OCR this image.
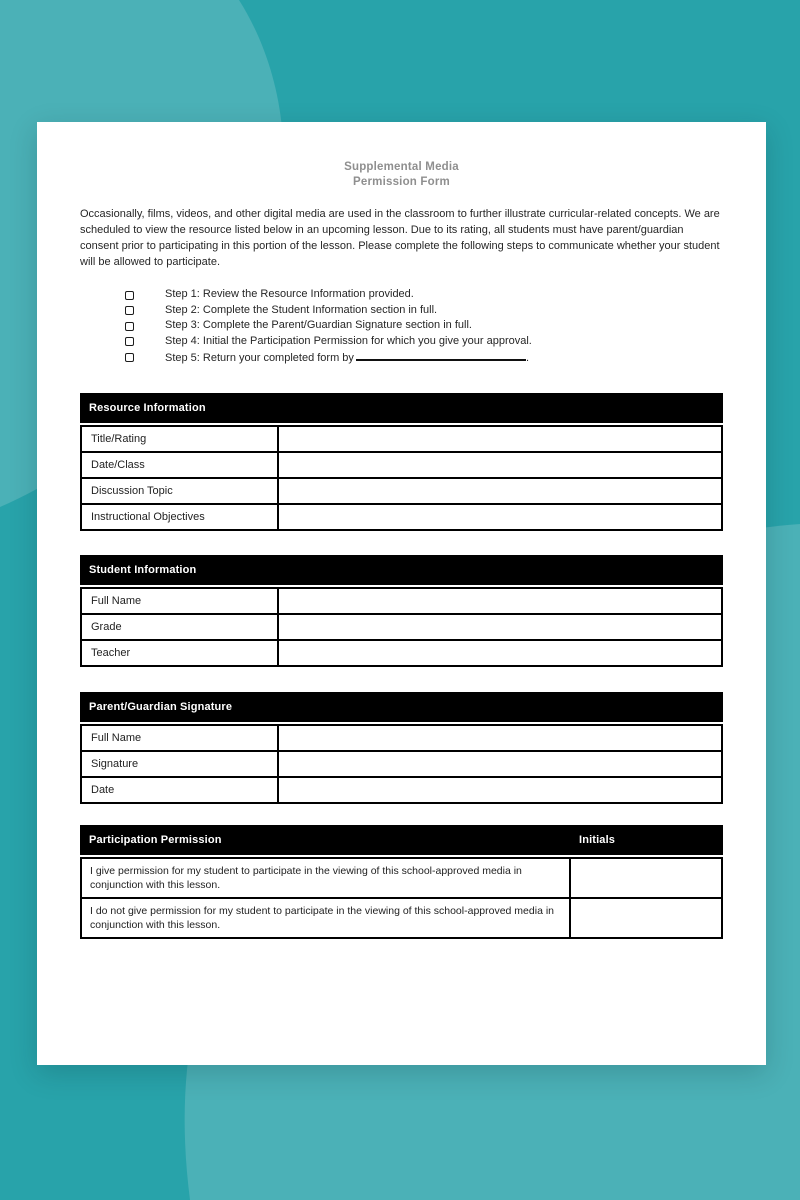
Supplemental Media
Permission Form
Occasionally, films, videos, and other digital media are used in the classroom to further illustrate curricular-related concepts. We are scheduled to view the resource listed below in an upcoming lesson. Due to its rating, all students must have parent/guardian consent prior to participating in this portion of the lesson. Please complete the following steps to communicate whether your student will be allowed to participate.
Step 1: Review the Resource Information provided.
Step 2: Complete the Student Information section in full.
Step 3: Complete the Parent/Guardian Signature section in full.
Step 4: Initial the Participation Permission for which you give your approval.
Step 5: Return your completed form by	.
Resource Information
Title/Rating
Date/Class
Discussion Topic
Instructional Objectives
Student Information
Full Name
Grade
Teacher
Parent/Guardian Signature
Full Name
Signature
Date
Participation Permission	Initials
I give permission for my student to participate in the viewing of this school-approved media in conjunction with this lesson.
I do not give permission for my student to participate in the viewing of this school-approved media in conjunction with this lesson.
